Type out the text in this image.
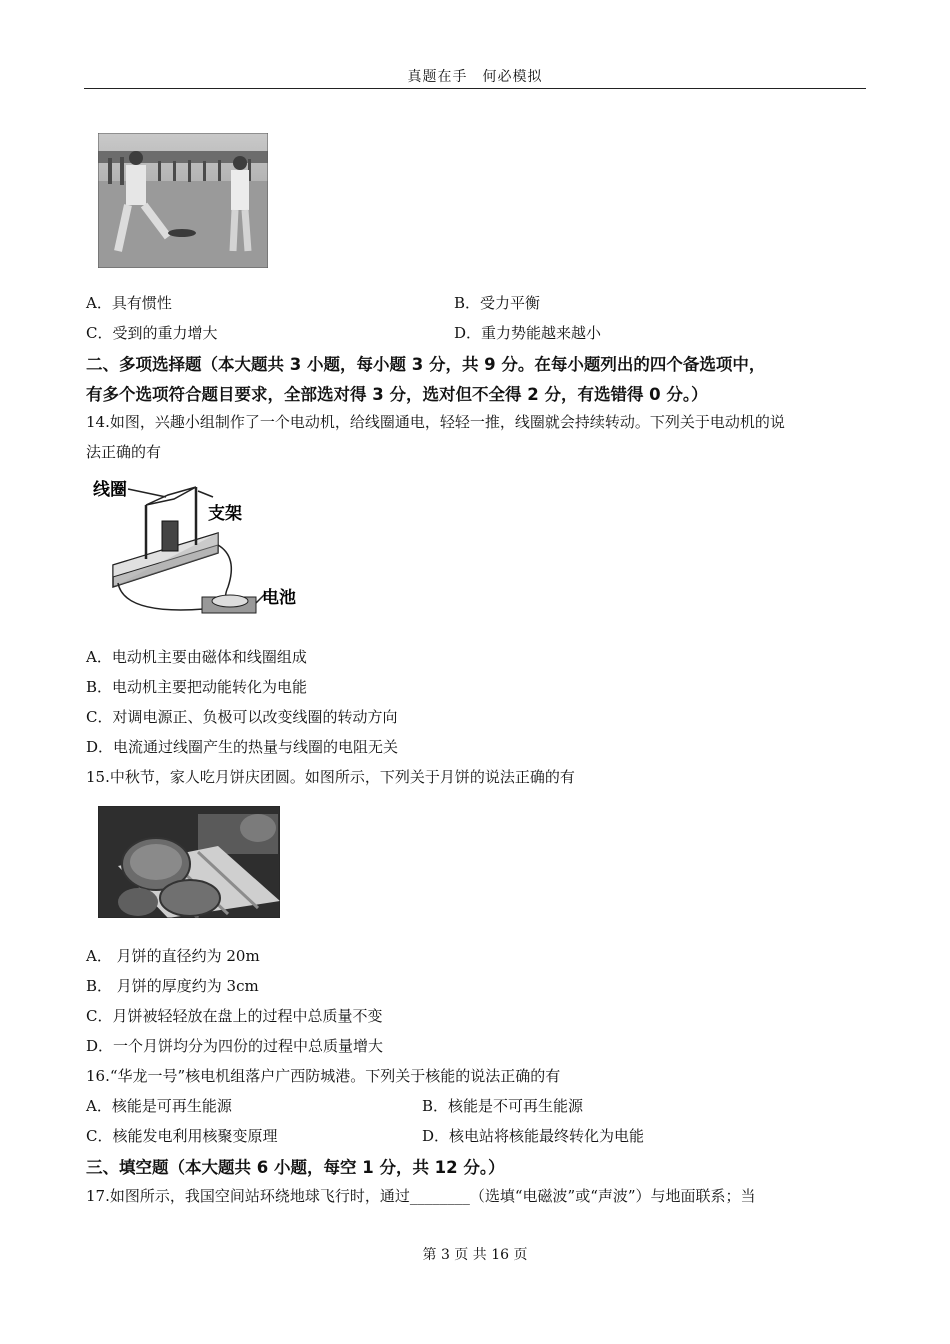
真题在手　何必模拟
A．具有惯性	B．受力平衡
C．受到的重力增大	D．重力势能越来越小
二、多项选择题（本大题共 3 小题，每小题 3 分，共 9 分。在每小题列出的四个备选项中，
有多个选项符合题目要求，全部选对得 3 分，选对但不全得 2 分，有选错得 0 分。）
14.如图，兴趣小组制作了一个电动机，给线圈通电，轻轻一推，线圈就会持续转动。下列关于电动机的说
法正确的有
线圈
支架
电池
A．电动机主要由磁体和线圈组成
B．电动机主要把动能转化为电能
C．对调电源正、负极可以改变线圈的转动方向
D．电流通过线圈产生的热量与线圈的电阻无关
15.中秋节，家人吃月饼庆团圆。如图所示，下列关于月饼的说法正确的有
A． 月饼的直径约为 20m
B． 月饼的厚度约为 3cm
C．月饼被轻轻放在盘上的过程中总质量不变
D．一个月饼均分为四份的过程中总质量增大
16.“华龙一号”核电机组落户广西防城港。下列关于核能的说法正确的有
A．核能是可再生能源	B．核能是不可再生能源
C．核能发电利用核聚变原理	D．核电站将核能最终转化为电能
三、填空题（本大题共 6 小题，每空 1 分，共 12 分。）
17.如图所示，我国空间站环绕地球飞行时，通过________（选填“电磁波”或“声波”）与地面联系；当
第 3 页 共 16 页
